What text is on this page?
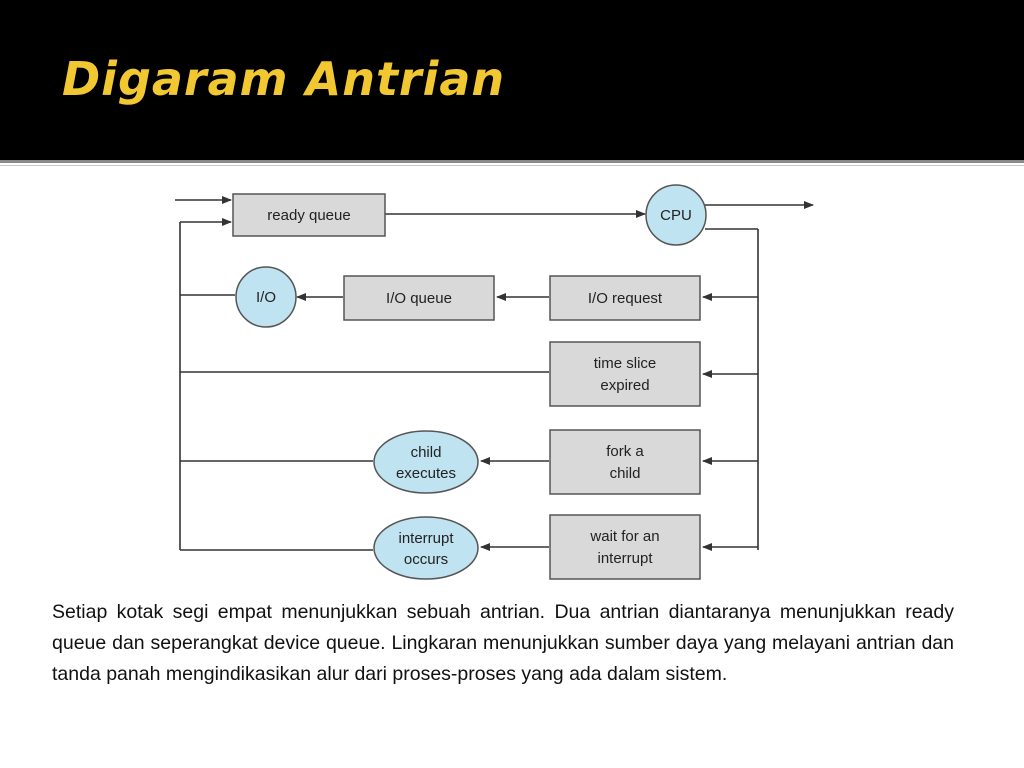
Digaram Antrian
ready queue
I/O queue	I/O request
time slice
expired
fork a
child
wait for an
interrupt
CPU
I/O
child
executes
interrupt
occurs

Setiap kotak segi empat menunjukkan sebuah antrian. Dua antrian diantaranya menunjukkan ready queue dan seperangkat device queue. Lingkaran menunjukkan sumber daya yang melayani antrian dan tanda panah mengindikasikan alur dari proses-proses yang ada dalam sistem.
